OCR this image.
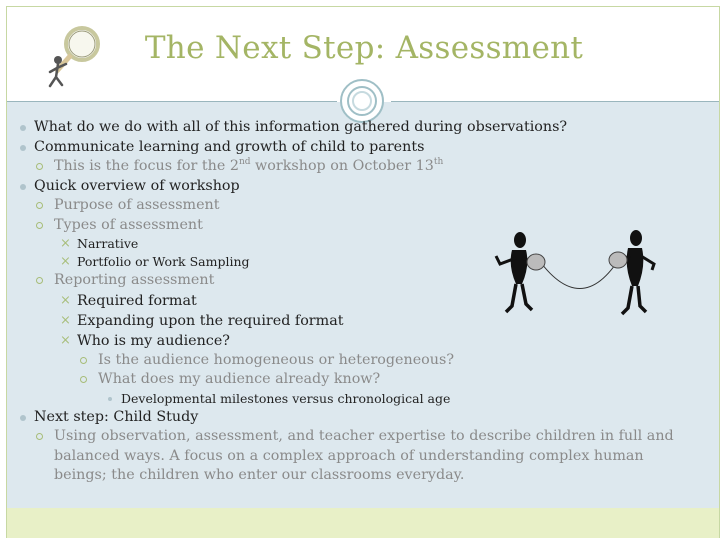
The Next Step: Assessment
What do we do with all of this information gathered during observations?
Communicate learning and growth of child to parents
This is the focus for the 2nd workshop on October 13th
Quick overview of workshop
Purpose of assessment
Types of assessment
× Narrative
× Portfolio or Work Sampling
Reporting assessment
× Required format
× Expanding upon the required format
× Who is my audience?
Is the audience homogeneous or heterogeneous?
What does my audience already know?
Developmental milestones versus chronological age
Next step: Child Study
Using observation, assessment, and teacher expertise to describe children in full and balanced ways. A focus on a complex approach of understanding complex human beings; the children who enter our classrooms everyday.
